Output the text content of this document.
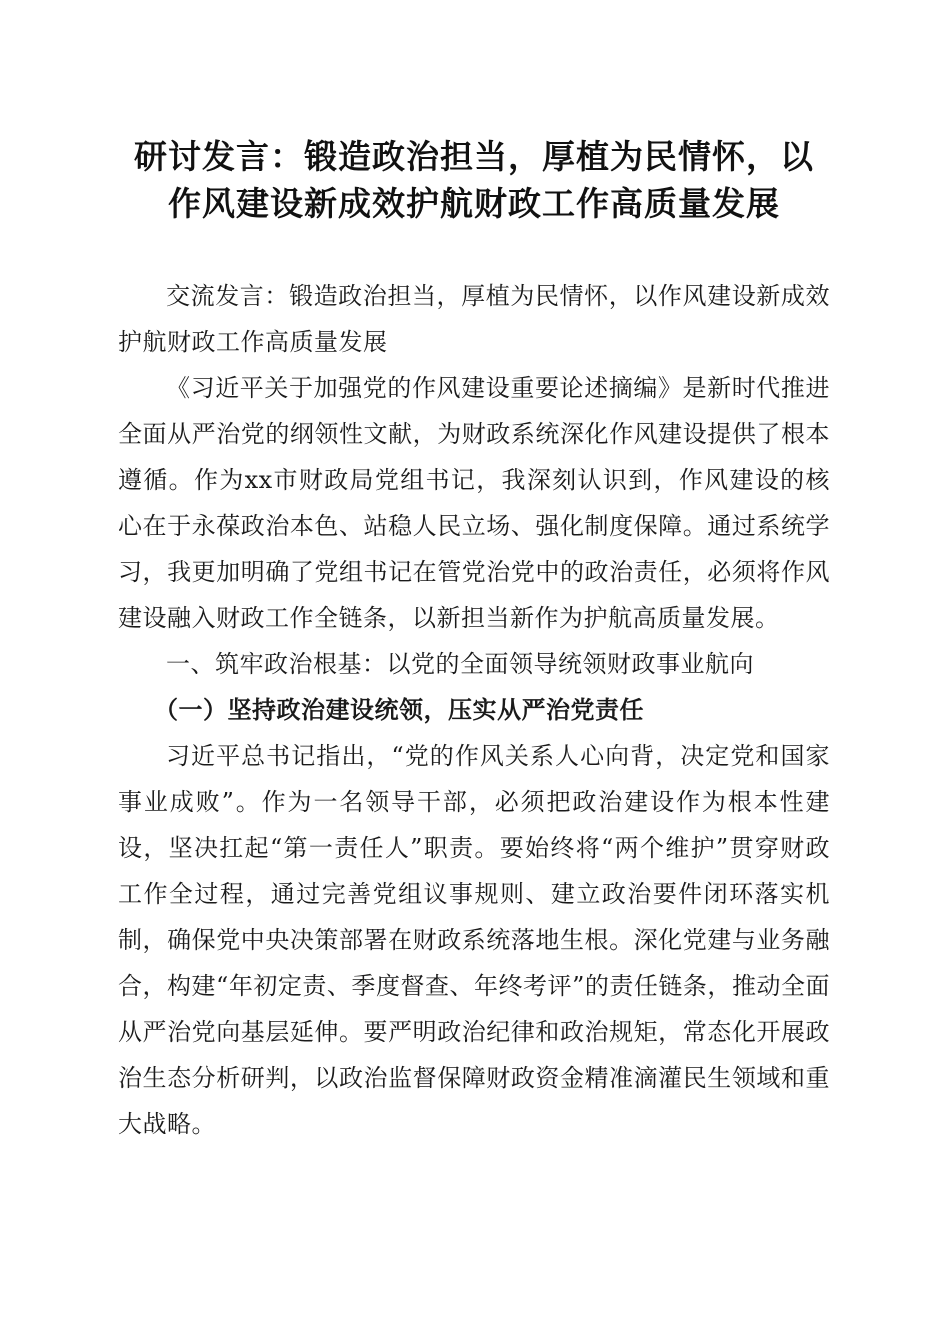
研讨发言：锻造政治担当，厚植为民情怀，以
作风建设新成效护航财政工作高质量发展

交流发言：锻造政治担当，厚植为民情怀，以作风建设新成效护航财政工作高质量发展

《习近平关于加强党的作风建设重要论述摘编》是新时代推进全面从严治党的纲领性文献，为财政系统深化作风建设提供了根本遵循。作为xx市财政局党组书记，我深刻认识到，作风建设的核心在于永葆政治本色、站稳人民立场、强化制度保障。通过系统学习，我更加明确了党组书记在管党治党中的政治责任，必须将作风建设融入财政工作全链条，以新担当新作为护航高质量发展。

一、筑牢政治根基：以党的全面领导统领财政事业航向

（一）坚持政治建设统领，压实从严治党责任

习近平总书记指出，“党的作风关系人心向背，决定党和国家事业成败”。作为一名领导干部，必须把政治建设作为根本性建设，坚决扛起“第一责任人”职责。要始终将“两个维护”贯穿财政工作全过程，通过完善党组议事规则、建立政治要件闭环落实机制，确保党中央决策部署在财政系统落地生根。深化党建与业务融合，构建“年初定责、季度督查、年终考评”的责任链条，推动全面从严治党向基层延伸。要严明政治纪律和政治规矩，常态化开展政治生态分析研判，以政治监督保障财政资金精准滴灌民生领域和重大战略。
